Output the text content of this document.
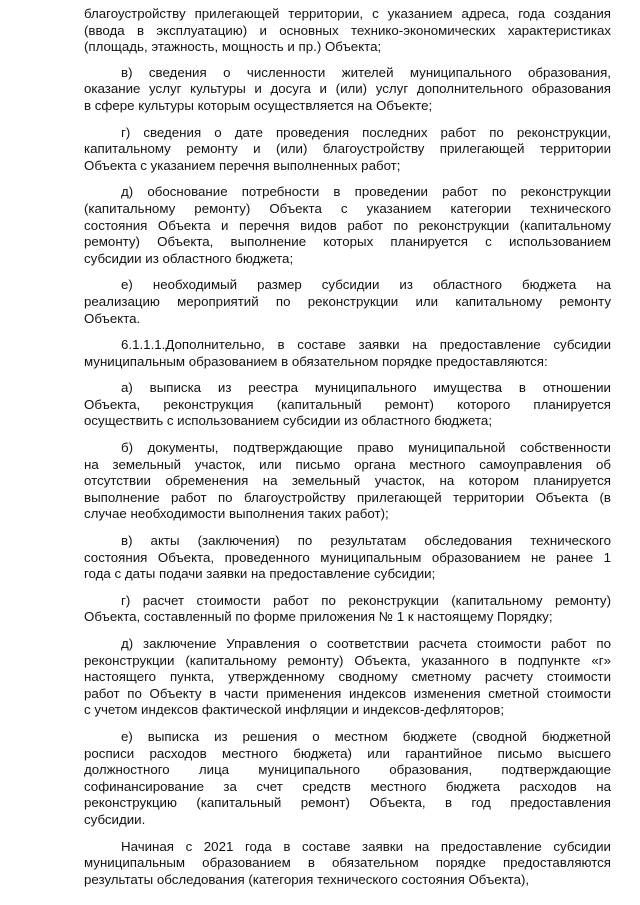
благоустройству прилегающей территории, с указанием адреса, года создания
(ввода в эксплуатацию) и основных технико-экономических характеристиках
(площадь, этажность, мощность и пр.) Объекта;
в) сведения о численности жителей муниципального образования,
оказание услуг культуры и досуга и (или) услуг дополнительного образования
в сфере культуры которым осуществляется на Объекте;
г) сведения о дате проведения последних работ по реконструкции,
капитальному ремонту и (или) благоустройству прилегающей территории
Объекта с указанием перечня выполненных работ;
д) обоснование потребности в проведении работ по реконструкции
(капитальному ремонту) Объекта с указанием категории технического
состояния Объекта и перечня видов работ по реконструкции (капитальному
ремонту) Объекта, выполнение которых планируется с использованием
субсидии из областного бюджета;
е) необходимый размер субсидии из областного бюджета на
реализацию мероприятий по реконструкции или капитальному ремонту
Объекта.
6.1.1.1.Дополнительно, в составе заявки на предоставление субсидии
муниципальным образованием в обязательном порядке предоставляются:
а) выписка из реестра муниципального имущества в отношении
Объекта, реконструкция (капитальный ремонт) которого планируется
осуществить с использованием субсидии из областного бюджета;
б) документы, подтверждающие право муниципальной собственности
на земельный участок, или письмо органа местного самоуправления об
отсутствии обременения на земельный участок, на котором планируется
выполнение работ по благоустройству прилегающей территории Объекта (в
случае необходимости выполнения таких работ);
в) акты (заключения) по результатам обследования технического
состояния Объекта, проведенного муниципальным образованием не ранее 1
года с даты подачи заявки на предоставление субсидии;
г) расчет стоимости работ по реконструкции (капитальному ремонту)
Объекта, составленный по форме приложения № 1 к настоящему Порядку;
д) заключение Управления о соответствии расчета стоимости работ по
реконструкции (капитальному ремонту) Объекта, указанного в подпункте «г»
настоящего пункта, утвержденному сводному сметному расчету стоимости
работ по Объекту в части применения индексов изменения сметной стоимости
с учетом индексов фактической инфляции и индексов-дефляторов;
е) выписка из решения о местном бюджете (сводной бюджетной
росписи расходов местного бюджета) или гарантийное письмо высшего
должностного лица муниципального образования, подтверждающие
софинансирование за счет средств местного бюджета расходов на
реконструкцию (капитальный ремонт) Объекта, в год предоставления
субсидии.
Начиная с 2021 года в составе заявки на предоставление субсидии
муниципальным образованием в обязательном порядке предоставляются
результаты обследования (категория технического состояния Объекта),
